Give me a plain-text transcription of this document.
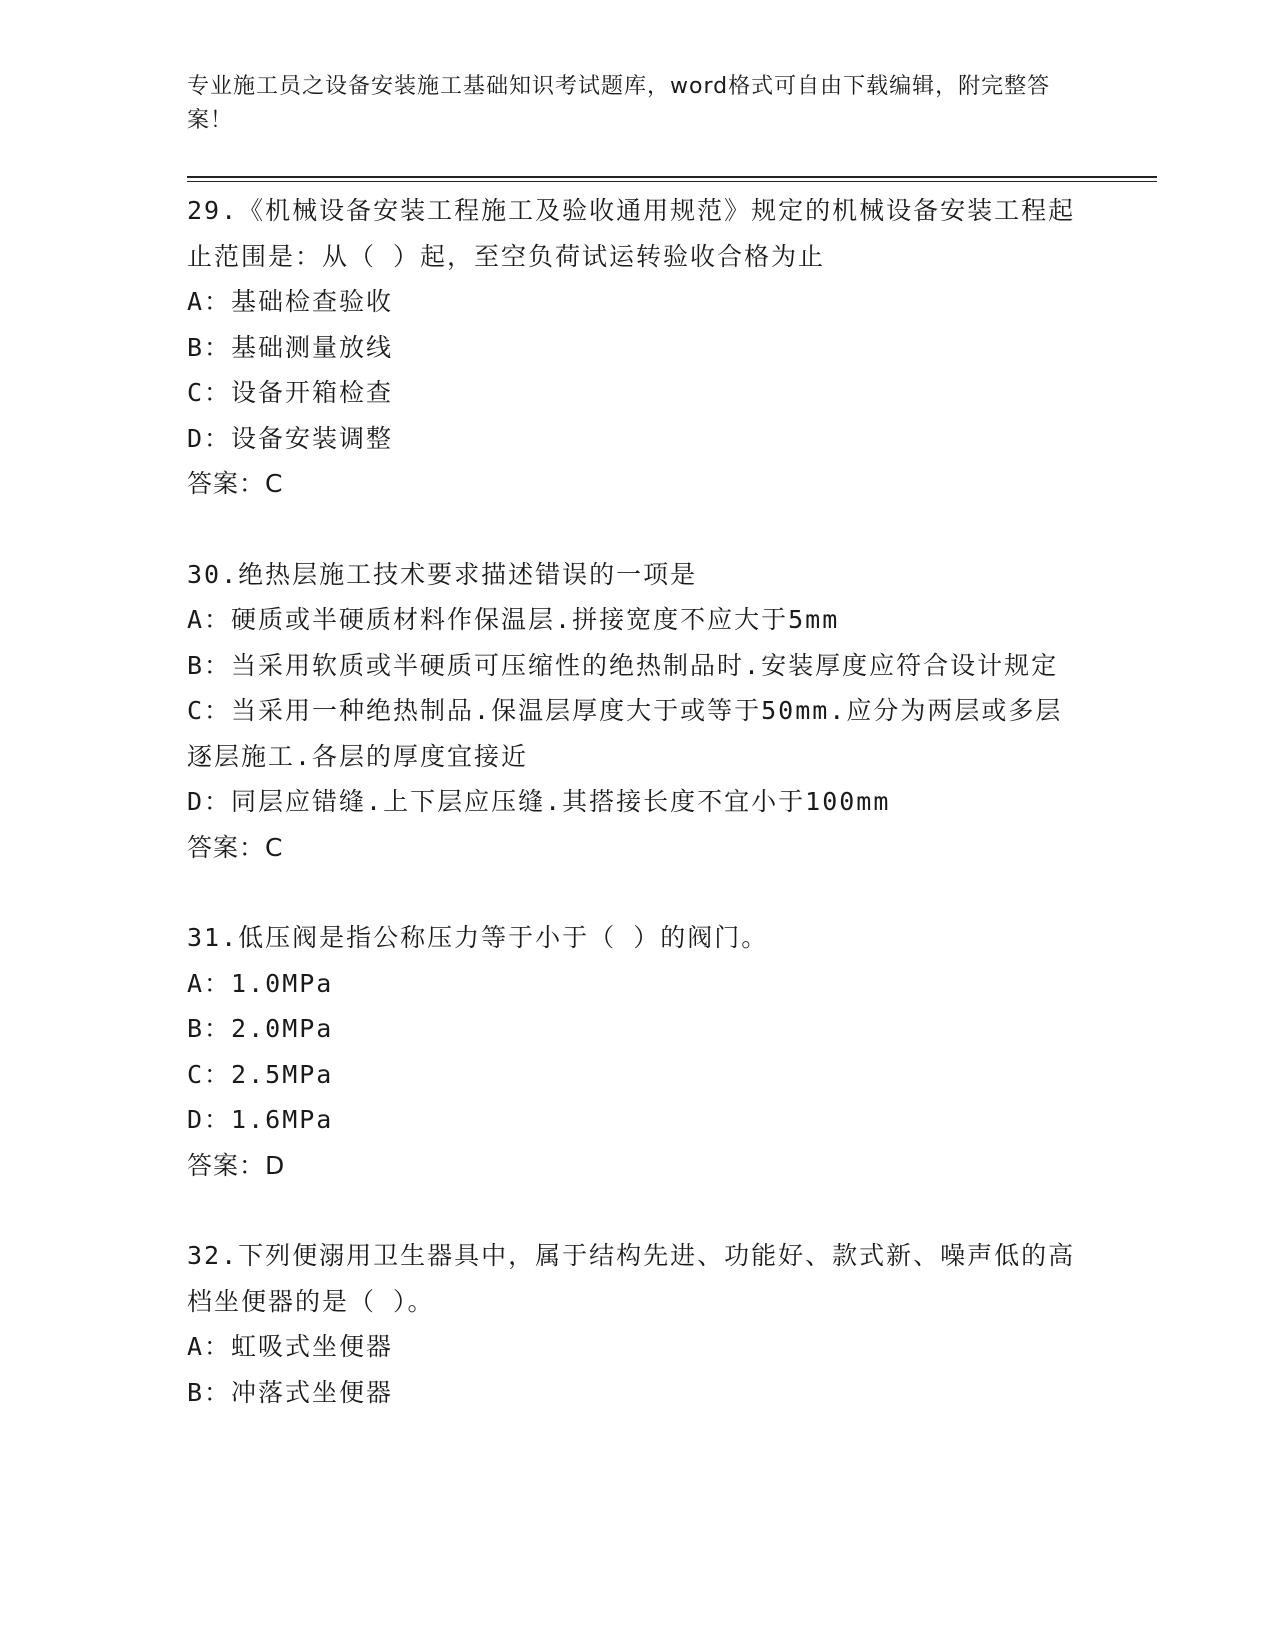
专业施工员之设备安装施工基础知识考试题库，word格式可自由下载编辑，附完整答案！

29.《机械设备安装工程施工及验收通用规范》规定的机械设备安装工程起止范围是：从（ ）起，至空负荷试运转验收合格为止

A：基础检查验收

B：基础测量放线

C：设备开箱检查

D：设备安装调整

答案：C

30.绝热层施工技术要求描述错误的一项是

A：硬质或半硬质材料作保温层.拼接宽度不应大于5mm

B：当采用软质或半硬质可压缩性的绝热制品时.安装厚度应符合设计规定

C：当采用一种绝热制品.保温层厚度大于或等于50mm.应分为两层或多层逐层施工.各层的厚度宜接近

D：同层应错缝.上下层应压缝.其搭接长度不宜小于100mm

答案：C

31.低压阀是指公称压力等于小于（ ）的阀门。

A：1.0MPa

B：2.0MPa

C：2.5MPa

D：1.6MPa

答案：D

32.下列便溺用卫生器具中，属于结构先进、功能好、款式新、噪声低的高档坐便器的是（ ）。

A：虹吸式坐便器

B：冲落式坐便器
